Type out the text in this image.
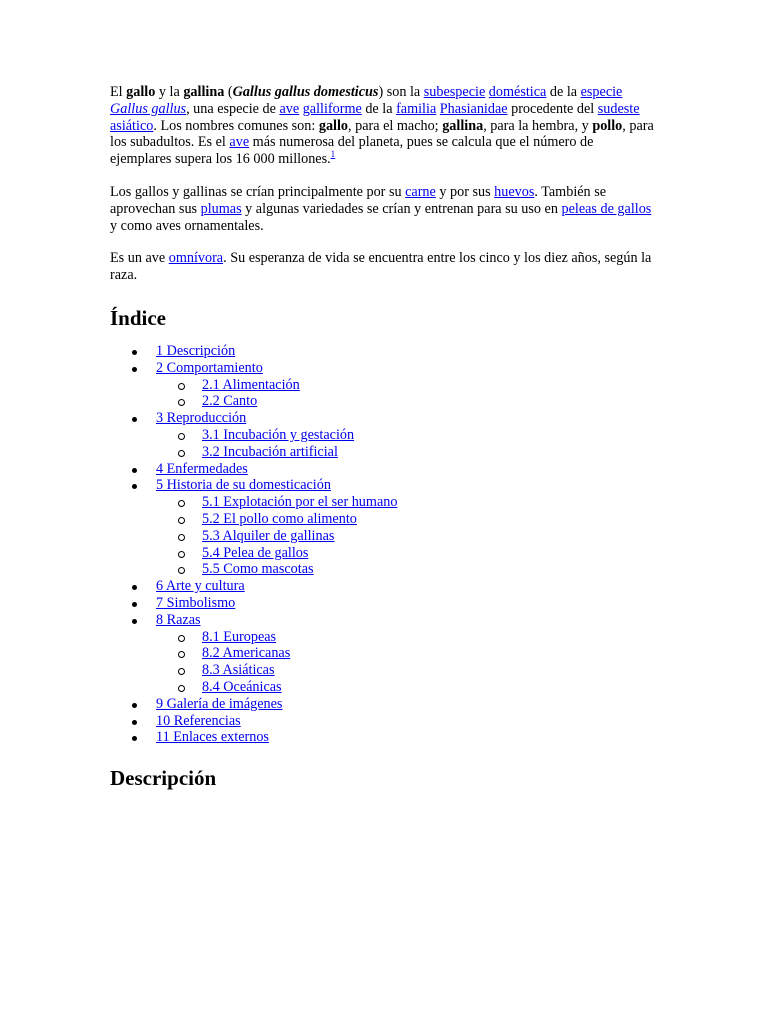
El gallo y la gallina (Gallus gallus domesticus) son la subespecie doméstica de la especie Gallus gallus, una especie de ave galliforme de la familia Phasianidae procedente del sudeste asiático. Los nombres comunes son: gallo, para el macho; gallina, para la hembra, y pollo, para los subadultos. Es el ave más numerosa del planeta, pues se calcula que el número de ejemplares supera los 16 000 millones.$^1$

Los gallos y gallinas se crían principalmente por su carne y por sus huevos. También se aprovechan sus plumas y algunas variedades se crían y entrenan para su uso en peleas de gallos y como aves ornamentales.

Es un ave omnívora. Su esperanza de vida se encuentra entre los cinco y los diez años, según la raza.

Índice
1 Descripción
2 Comportamiento
2.1 Alimentación
2.2 Canto
3 Reproducción
3.1 Incubación y gestación
3.2 Incubación artificial
4 Enfermedades
5 Historia de su domesticación
5.1 Explotación por el ser humano
5.2 El pollo como alimento
5.3 Alquiler de gallinas
5.4 Pelea de gallos
5.5 Como mascotas
6 Arte y cultura
7 Simbolismo
8 Razas
8.1 Europeas
8.2 Americanas
8.3 Asiáticas
8.4 Oceánicas
9 Galería de imágenes
10 Referencias
11 Enlaces externos
Descripción
